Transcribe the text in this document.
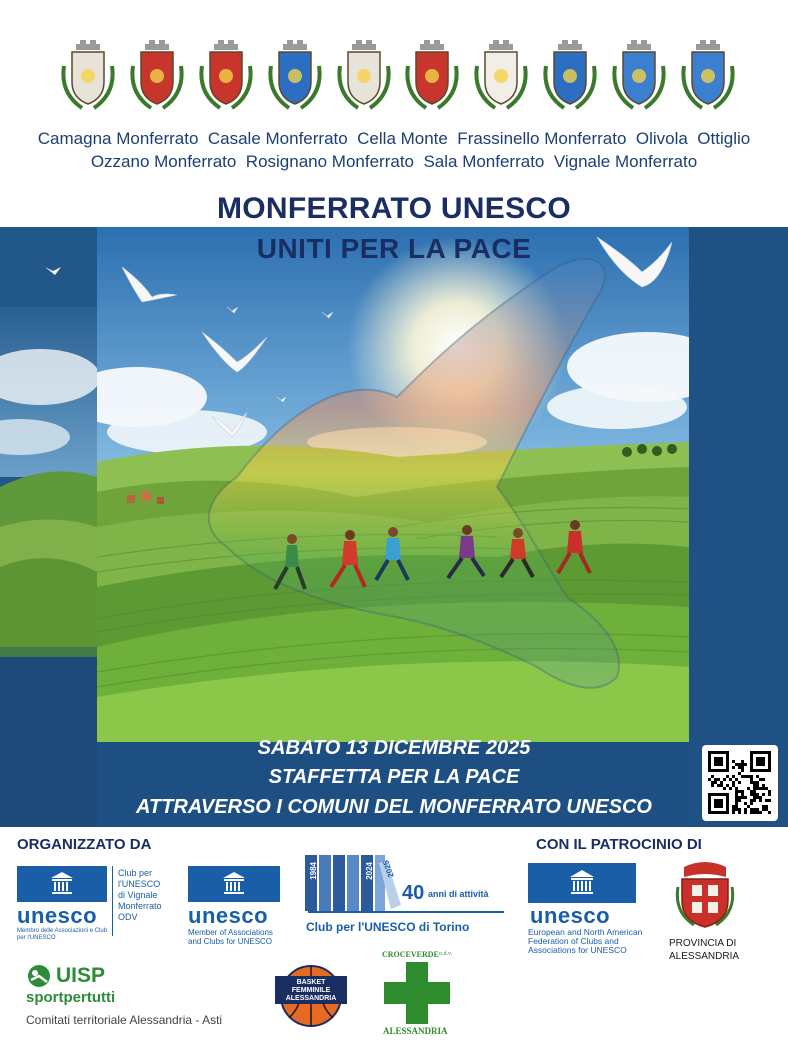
Camagna Monferrato  Casale Monferrato  Cella Monte  Frassinello Monferrato  Olivola  Ottiglio
Ozzano Monferrato  Rosignano Monferrato  Sala Monferrato  Vignale Monferrato
MONFERRATO UNESCO
UNITI PER LA PACE
SABATO 13 DICEMBRE 2025
STAFFETTA PER LA PACE
ATTRAVERSO I COMUNI DEL MONFERRATO UNESCO
ORGANIZZATO DA	CON IL PATROCINIO DI
unesco
Membro delle Associazioni e Club per l'UNESCO
Club per
l'UNESCO
di Vignale
Monferrato
ODV unesco
Member of Associations
and Clubs for UNESCO
1984	2024 2025
40 anni di attività
Club per l'UNESCO di Torino	unesco
European and North American
Federation of Clubs and
Associations for UNESCO
PROVINCIA DI
ALESSANDRIA
UISP
sportpertutti
Comitati territoriale Alessandria - Asti
BASKET
FEMMINILE
ALESSANDRIA
CROCEVERDE o.d.v.
ALESSANDRIA
